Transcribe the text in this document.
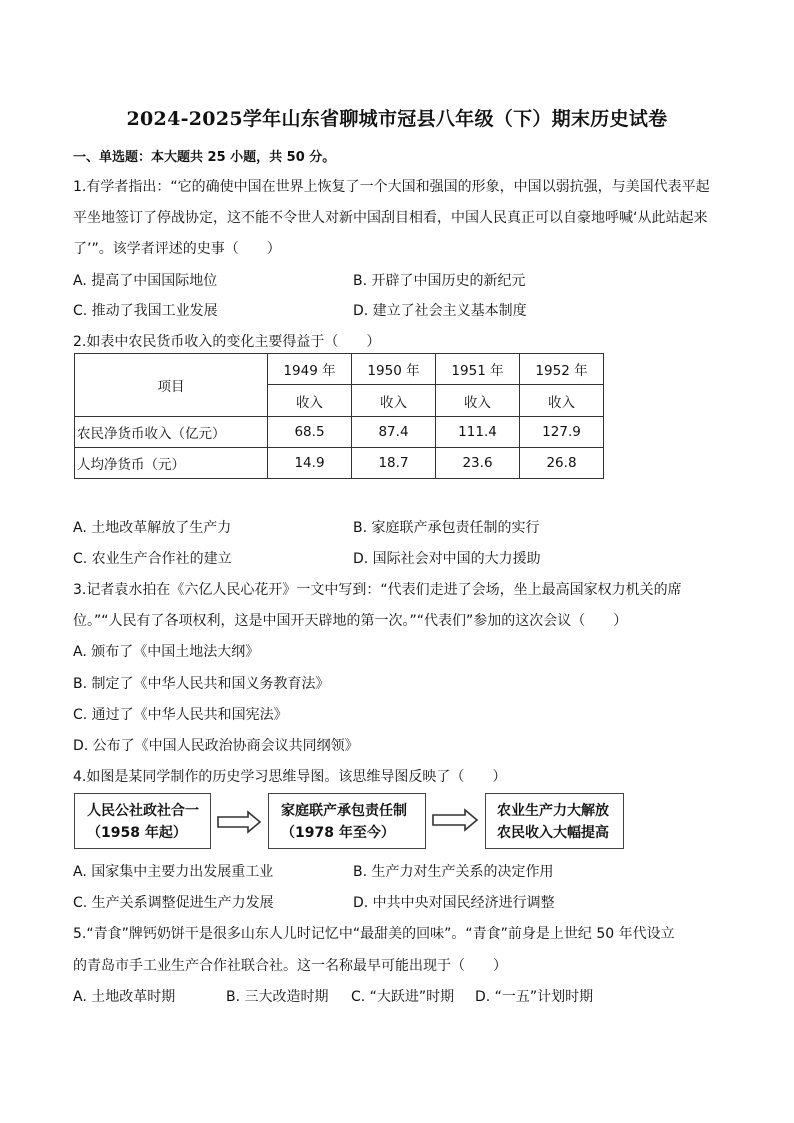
2024-2025学年山东省聊城市冠县八年级（下）期末历史试卷
一、单选题：本大题共 25 小题，共 50 分。
1.有学者指出：“它的确使中国在世界上恢复了一个大国和强国的形象，中国以弱抗强，与美国代表平起
平坐地签订了停战协定，这不能不令世人对新中国刮目相看，中国人民真正可以自豪地呼喊‘从此站起来
了’”。该学者评述的史事（　　）
A. 提高了中国国际地位	B. 开辟了中国历史的新纪元
C. 推动了我国工业发展	D. 建立了社会主义基本制度
2.如表中农民货币收入的变化主要得益于（　　）
项目	1949 年	1950 年	1951 年	1952 年
	收入	收入	收入	收入
农民净货币收入（亿元）	68.5	87.4	111.4	127.9
人均净货币（元）	14.9	18.7	23.6	26.8
A. 土地改革解放了生产力	B. 家庭联产承包责任制的实行
C. 农业生产合作社的建立	D. 国际社会对中国的大力援助
3.记者袁水拍在《六亿人民心花开》一文中写到：“代表们走进了会场，坐上最高国家权力机关的席
位。”“人民有了各项权利，这是中国开天辟地的第一次。”“代表们”参加的这次会议（　　）
A. 颁布了《中国土地法大纲》
B. 制定了《中华人民共和国义务教育法》
C. 通过了《中华人民共和国宪法》
D. 公布了《中国人民政治协商会议共同纲领》
4.如图是某同学制作的历史学习思维导图。该思维导图反映了（　　）
人民公社政社合一
（1958 年起）
家庭联产承包责任制
（1978 年至今）
农业生产力大解放
农民收入大幅提高
A. 国家集中主要力出发展重工业	B. 生产力对生产关系的决定作用
C. 生产关系调整促进生产力发展	D. 中共中央对国民经济进行调整
5.“青食”牌钙奶饼干是很多山东人儿时记忆中“最甜美的回味”。“青食”前身是上世纪 50 年代设立
的青岛市手工业生产合作社联合社。这一名称最早可能出现于（　　）
A. 土地改革时期	B. 三大改造时期 C. “大跃进”时期 D. “一五”计划时期
